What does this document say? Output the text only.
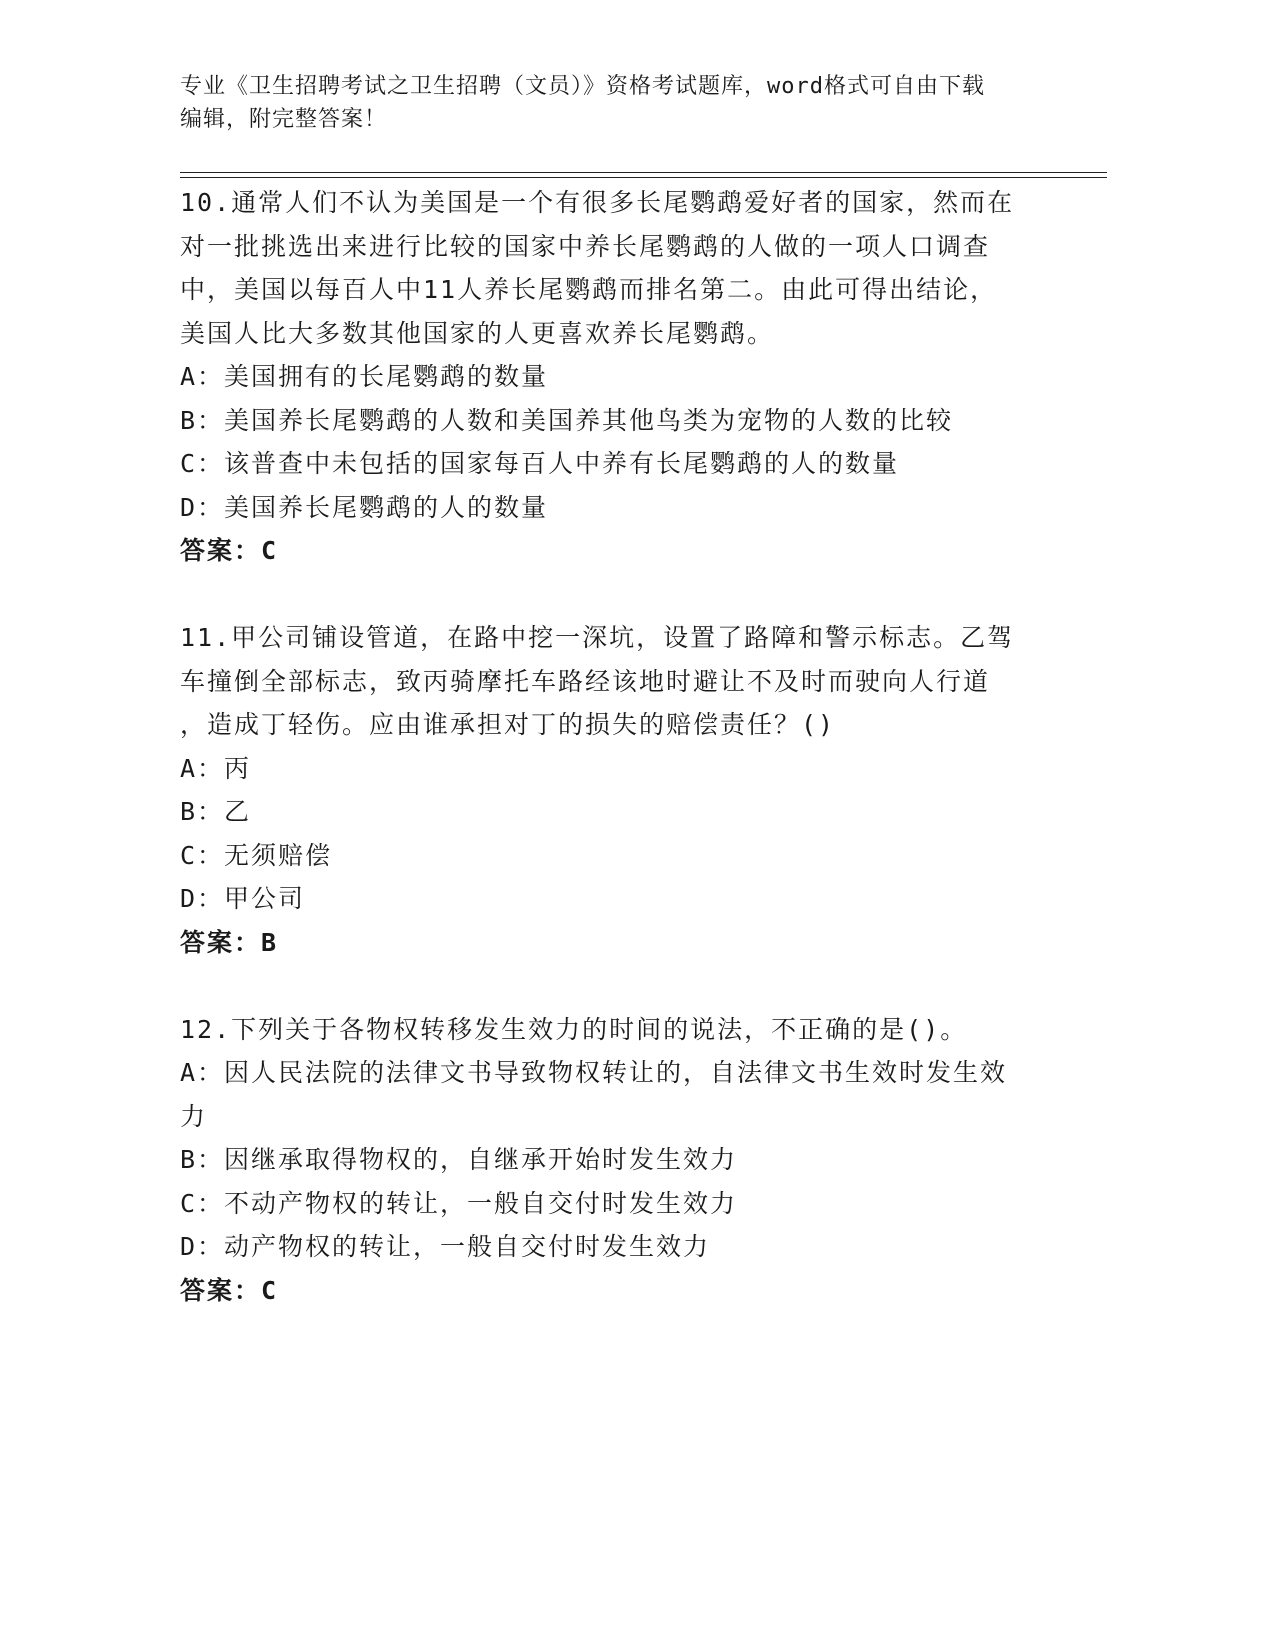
专业《卫生招聘考试之卫生招聘（文员）》资格考试题库，word格式可自由下载
编辑，附完整答案！
10.通常人们不认为美国是一个有很多长尾鹦鹉爱好者的国家，然而在
对一批挑选出来进行比较的国家中养长尾鹦鹉的人做的一项人口调查
中，美国以每百人中11人养长尾鹦鹉而排名第二。由此可得出结论，
美国人比大多数其他国家的人更喜欢养长尾鹦鹉。
A：美国拥有的长尾鹦鹉的数量
B：美国养长尾鹦鹉的人数和美国养其他鸟类为宠物的人数的比较
C：该普查中未包括的国家每百人中养有长尾鹦鹉的人的数量
D：美国养长尾鹦鹉的人的数量
答案：C
11.甲公司铺设管道，在路中挖一深坑，设置了路障和警示标志。乙驾
车撞倒全部标志，致丙骑摩托车路经该地时避让不及时而驶向人行道
，造成丁轻伤。应由谁承担对丁的损失的赔偿责任？()
A：丙
B：乙
C：无须赔偿
D：甲公司
答案：B
12.下列关于各物权转移发生效力的时间的说法，不正确的是()。
A：因人民法院的法律文书导致物权转让的，自法律文书生效时发生效
力
B：因继承取得物权的，自继承开始时发生效力
C：不动产物权的转让，一般自交付时发生效力
D：动产物权的转让，一般自交付时发生效力
答案：C
